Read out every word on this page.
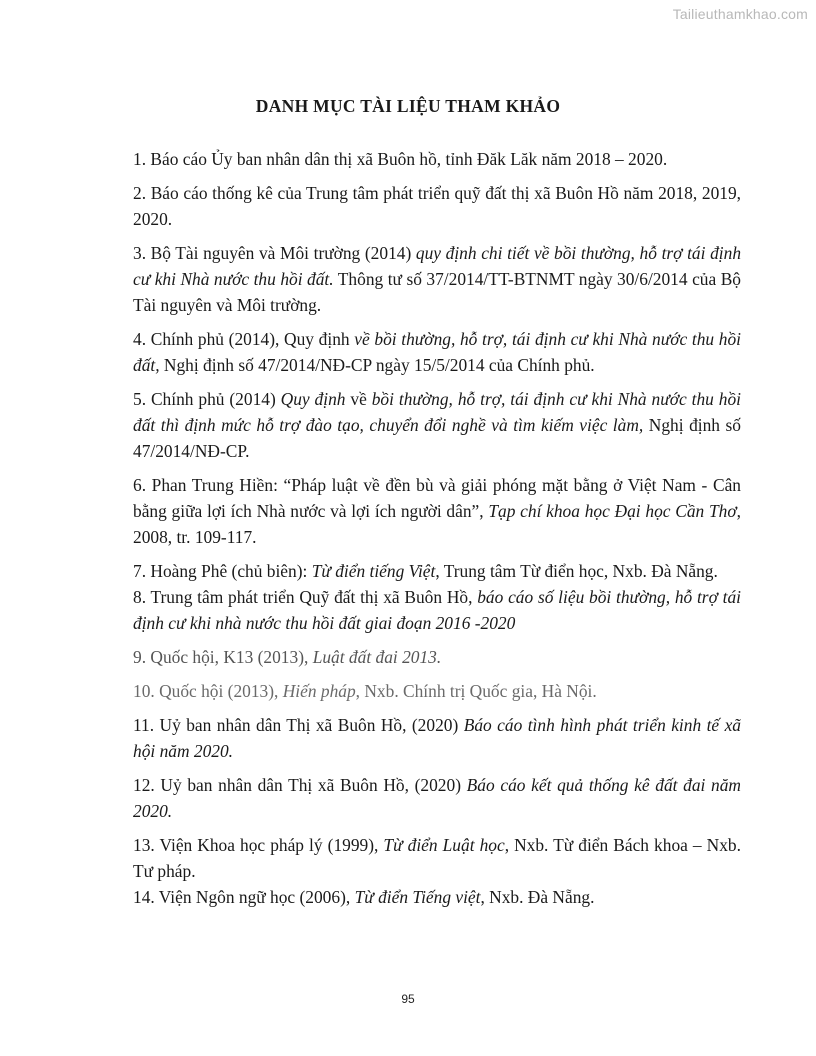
Tailieuthamkhao.com
DANH MỤC TÀI LIỆU THAM KHẢO

1. Báo cáo Ủy ban nhân dân thị xã Buôn hồ, tỉnh Đăk Lăk năm 2018 – 2020.

2. Báo cáo thống kê của Trung tâm phát triển quỹ đất thị xã Buôn Hồ năm 2018, 2019, 2020.

3. Bộ Tài nguyên và Môi trường (2014) quy định chi tiết về bồi thường, hỗ trợ tái định cư khi Nhà nước thu hồi đất. Thông tư số 37/2014/TT-BTNMT ngày 30/6/2014 của Bộ Tài nguyên và Môi trường.

4. Chính phủ (2014), Quy định về bồi thường, hỗ trợ, tái định cư khi Nhà nước thu hồi đất, Nghị định số 47/2014/NĐ-CP ngày 15/5/2014 của Chính phủ.

5. Chính phủ (2014) Quy định về bồi thường, hỗ trợ, tái định cư khi Nhà nước thu hồi đất thì định mức hỗ trợ đào tạo, chuyển đổi nghề và tìm kiếm việc làm, Nghị định số 47/2014/NĐ-CP.

6. Phan Trung Hiền: “Pháp luật về đền bù và giải phóng mặt bằng ở Việt Nam - Cân bằng giữa lợi ích Nhà nước và lợi ích người dân”, Tạp chí khoa học Đại học Cần Thơ, 2008, tr. 109-117.

7. Hoàng Phê (chủ biên): Từ điển tiếng Việt, Trung tâm Từ điển học, Nxb. Đà Nẵng.

8. Trung tâm phát triển Quỹ đất thị xã Buôn Hồ, báo cáo số liệu bồi thường, hỗ trợ tái định cư khi nhà nước thu hồi đất giai đoạn 2016 -2020

9. Quốc hội, K13 (2013), Luật đất đai 2013.

10. Quốc hội (2013), Hiến pháp, Nxb. Chính trị Quốc gia, Hà Nội.

11. Uỷ ban nhân dân Thị xã Buôn Hồ, (2020) Báo cáo tình hình phát triển kinh tế xã hội năm 2020.

12. Uỷ ban nhân dân Thị xã Buôn Hồ, (2020) Báo cáo kết quả thống kê đất đai năm 2020.

13. Viện Khoa học pháp lý (1999), Từ điển Luật học, Nxb. Từ điển Bách khoa – Nxb. Tư pháp.

14. Viện Ngôn ngữ học (2006), Từ điển Tiếng việt, Nxb. Đà Nẵng.

95
